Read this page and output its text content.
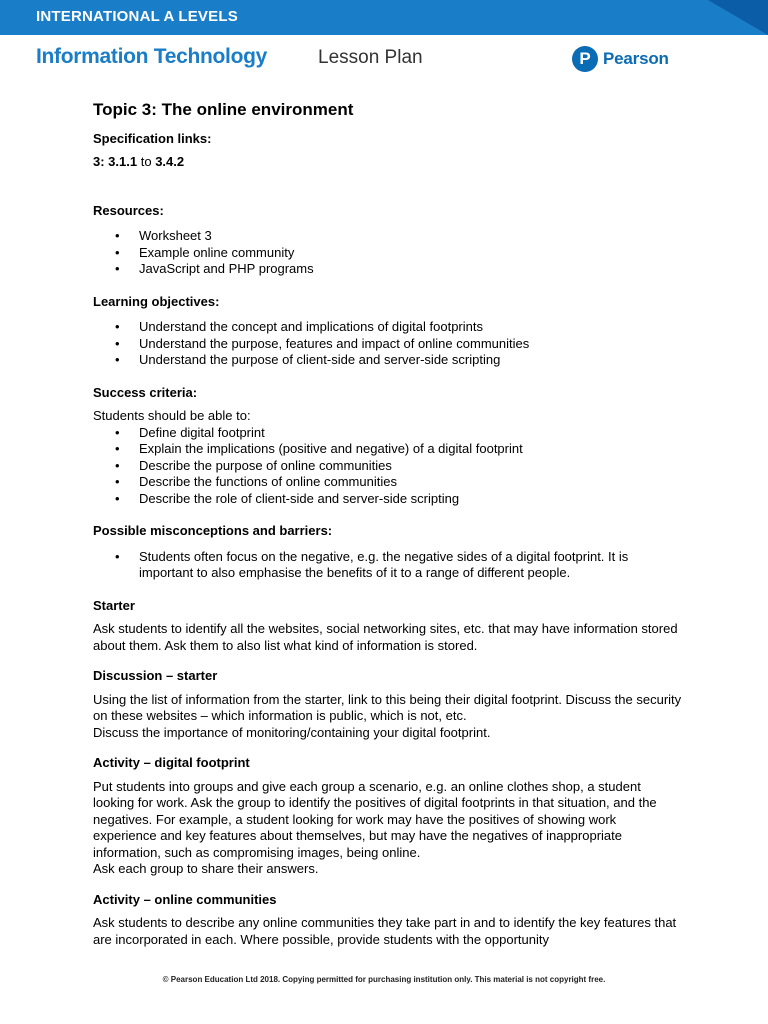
INTERNATIONAL A LEVELS
Information Technology	Lesson Plan	P Pearson
Topic 3: The online environment
Specification links:

3: 3.1.1 to 3.4.2

Resources:
• Worksheet 3
• Example online community
• JavaScript and PHP programs
Learning objectives:
• Understand the concept and implications of digital footprints
• Understand the purpose, features and impact of online communities
• Understand the purpose of client-side and server-side scripting
Success criteria:

Students should be able to:

• Define digital footprint
• Explain the implications (positive and negative) of a digital footprint
• Describe the purpose of online communities
• Describe the functions of online communities
• Describe the role of client-side and server-side scripting
Possible misconceptions and barriers:
• Students often focus on the negative, e.g. the negative sides of a digital footprint. It is important to also emphasise the benefits of it to a range of different people.
Starter

Ask students to identify all the websites, social networking sites, etc. that may have information stored about them. Ask them to also list what kind of information is stored.

Discussion – starter

Using the list of information from the starter, link to this being their digital footprint. Discuss the security on these websites – which information is public, which is not, etc.

Discuss the importance of monitoring/containing your digital footprint.

Activity – digital footprint

Put students into groups and give each group a scenario, e.g. an online clothes shop, a student looking for work. Ask the group to identify the positives of digital footprints in that situation, and the negatives. For example, a student looking for work may have the positives of showing work experience and key features about themselves, but may have the negatives of inappropriate information, such as compromising images, being online.

Ask each group to share their answers.

Activity – online communities

Ask students to describe any online communities they take part in and to identify the key features that are incorporated in each. Where possible, provide students with the opportunity

© Pearson Education Ltd 2018. Copying permitted for purchasing institution only. This material is not copyright free.
